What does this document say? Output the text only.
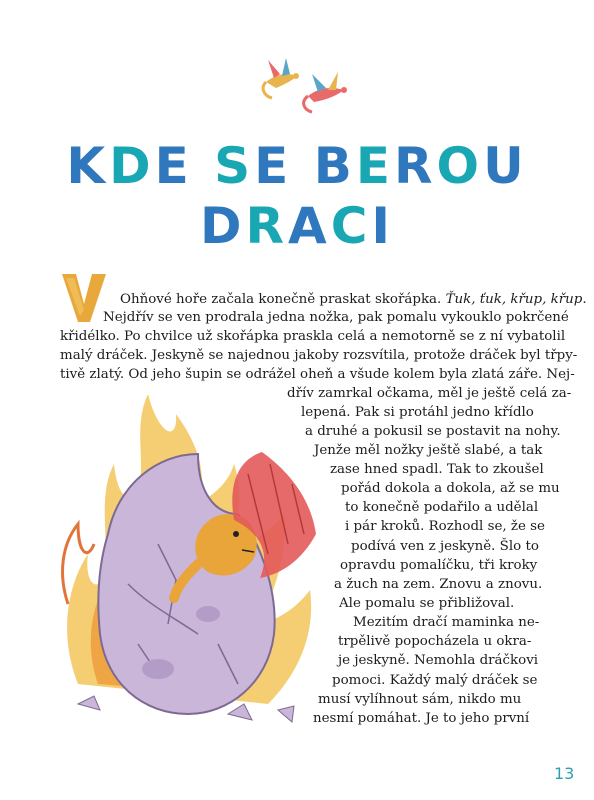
KDE SE BEROU
DRACI
V
Ohňové hoře začala konečně praskat skořápka. Ťuk, ťuk, křup, křup.
Nejdřív se ven prodrala jedna nožka, pak pomalu vykouklo pokrčené
křidélko. Po chvilce už skořápka praskla celá a nemotorně se z ní vybatolil
malý dráček. Jeskyně se najednou jakoby rozsvítila, protože dráček byl třpy-
tivě zlatý. Od jeho šupin se odrážel oheň a všude kolem byla zlatá záře. Nej-
dřív zamrkal očkama, měl je ještě celá za-
lepená. Pak si protáhl jedno křídlo
a druhé a pokusil se postavit na nohy.
Jenže měl nožky ještě slabé, a tak
zase hned spadl. Tak to zkoušel
pořád dokola a dokola, až se mu
to konečně podařilo a udělal
i pár kroků. Rozhodl se, že se
podívá ven z jeskyně. Šlo to
opravdu pomalíčku, tři kroky
a žuch na zem. Znovu a znovu.
Ale pomalu se přibližoval.
Mezitím dračí maminka ne-
trpělivě popocházela u okra-
je jeskyně. Nemohla dráčkovi
pomoci. Každý malý dráček se
musí vylíhnout sám, nikdo mu
nesmí pomáhat. Je to jeho první
13
